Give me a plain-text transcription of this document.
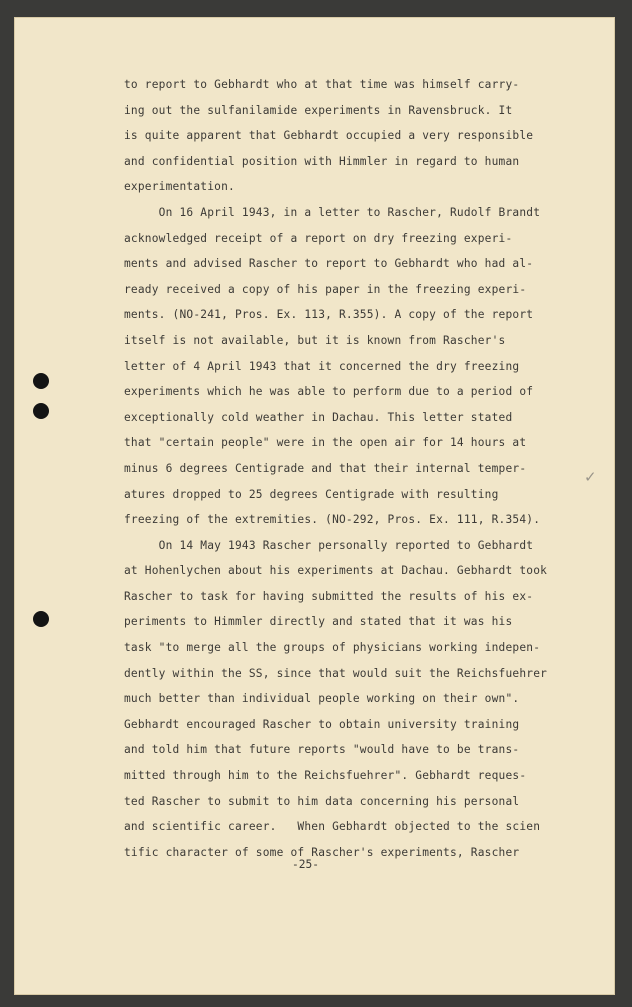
to report to Gebhardt who at that time was himself carry-
ing out the sulfanilamide experiments in Ravensbruck. It
is quite apparent that Gebhardt occupied a very responsible
and confidential position with Himmler in regard to human
experimentation.
On 16 April 1943, in a letter to Rascher, Rudolf Brandt
acknowledged receipt of a report on dry freezing experi-
ments and advised Rascher to report to Gebhardt who had al-
ready received a copy of his paper in the freezing experi-
ments. (NO-241, Pros. Ex. 113, R.355). A copy of the report
itself is not available, but it is known from Rascher's
letter of 4 April 1943 that it concerned the dry freezing
experiments which he was able to perform due to a period of
exceptionally cold weather in Dachau. This letter stated
that "certain people" were in the open air for 14 hours at
minus 6 degrees Centigrade and that their internal temper-
atures dropped to 25 degrees Centigrade with resulting
freezing of the extremities. (NO-292, Pros. Ex. 111, R.354).
On 14 May 1943 Rascher personally reported to Gebhardt
at Hohenlychen about his experiments at Dachau. Gebhardt took
Rascher to task for having submitted the results of his ex-
periments to Himmler directly and stated that it was his
task "to merge all the groups of physicians working indepen-
dently within the SS, since that would suit the Reichsfuehrer
much better than individual people working on their own".
Gebhardt encouraged Rascher to obtain university training
and told him that future reports "would have to be trans-
mitted through him to the Reichsfuehrer". Gebhardt reques-
ted Rascher to submit to him data concerning his personal
and scientific career.   When Gebhardt objected to the scien
tific character of some of Rascher's experiments, Rascher
✓
-25-
